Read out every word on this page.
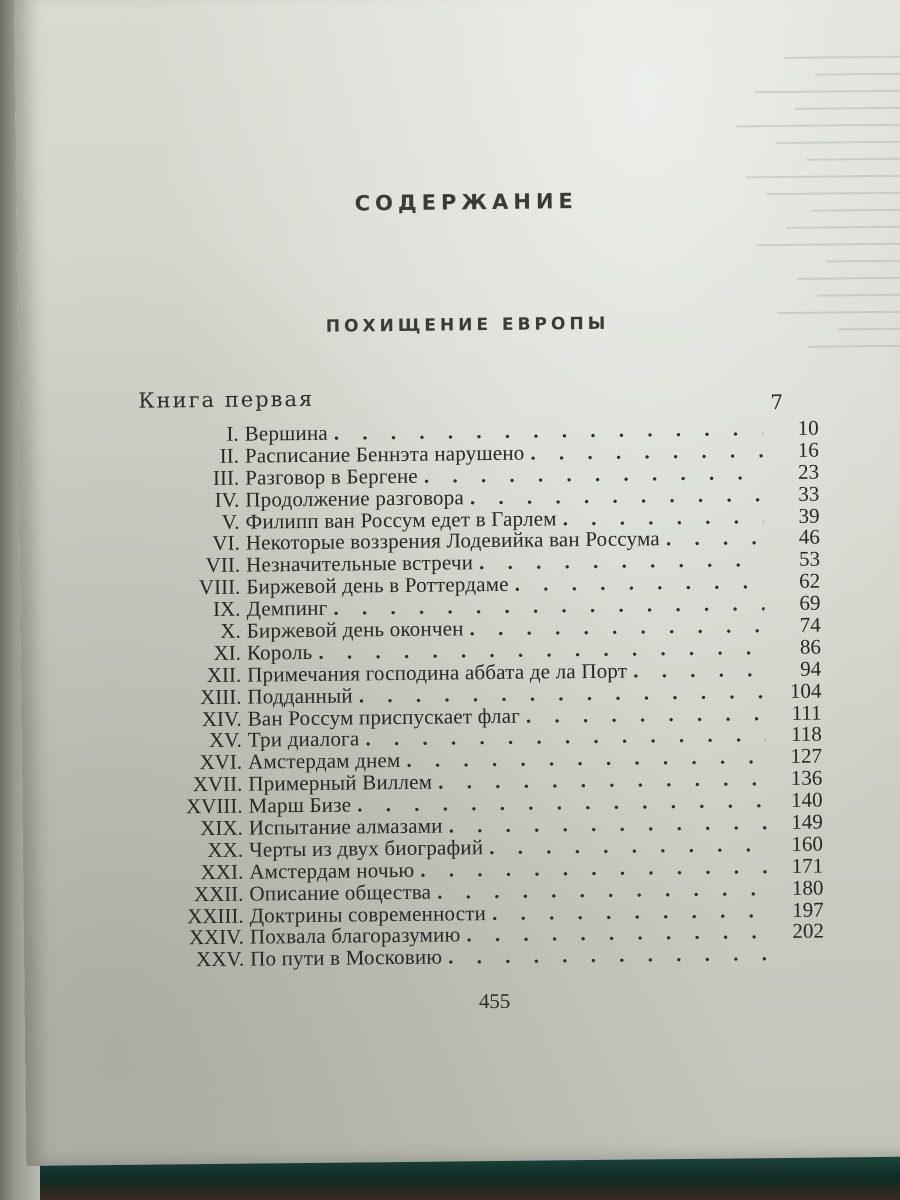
СОДЕРЖАНИЕ
ПОХИЩЕНИЕ ЕВРОПЫ
Книга первая	7
I. Вершина . . .	10
II. Расписание Беннэта нарушено . . .	16
III. Разговор в Бергене . . .	23
IV. Продолжение разговора . . .	33
V. Филипп ван Россум едет в Гарлем . . .	39
VI. Некоторые воззрения Лодевийка ван Россума . . .	46
VII. Незначительные встречи . . .	53
VIII. Биржевой день в Роттердаме . . .	62
IX. Демпинг . . .	69
X. Биржевой день окончен . . .	74
XI. Король . . .	86
XII. Примечания господина аббата де ла Порт . . .	94
XIII. Подданный . . .	104
XIV. Ван Россум приспускает флаг . . .	111
XV. Три диалога . . .	118
XVI. Амстердам днем . . .	127
XVII. Примерный Виллем . . .	136
XVIII. Марш Бизе . . .	140
XIX. Испытание алмазами . . .	149
XX. Черты из двух биографий . . .	160
XXI. Амстердам ночью . . .	171
XXII. Описание общества . . .	180
XXIII. Доктрины современности . . .	197
XXIV. Похвала благоразумию . . .	202
XXV. По пути в Московию
. . .
455
